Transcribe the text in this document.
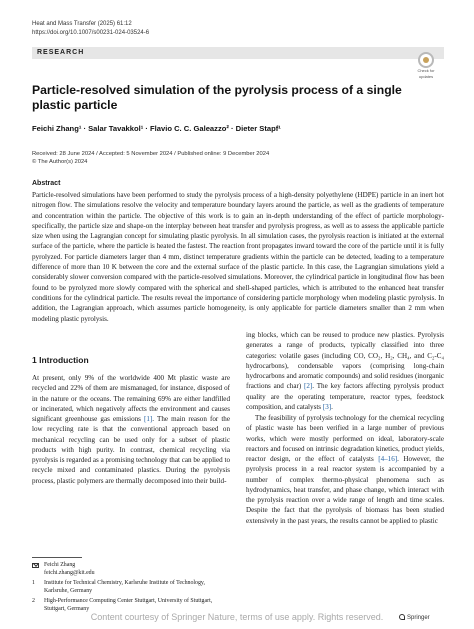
Heat and Mass Transfer (2025) 61:12
https://doi.org/10.1007/s00231-024-03524-6
RESEARCH
Check for
updates
Particle-resolved simulation of the pyrolysis process of a single plastic particle
Feichi Zhang¹ · Salar Tavakkol¹ · Flavio C. C. Galeazzo² · Dieter Stapf¹
Received: 28 June 2024 / Accepted: 5 November 2024 / Published online: 9 December 2024
© The Author(s) 2024
Abstract

Particle-resolved simulations have been performed to study the pyrolysis process of a high-density polyethylene (HDPE) particle in an inert hot nitrogen flow. The simulations resolve the velocity and temperature boundary layers around the particle, as well as the gradients of temperature and concentration within the particle. The objective of this work is to gain an in-depth understanding of the effect of particle morphology-specifically, the particle size and shape-on the interplay between heat transfer and pyrolysis progress, as well as to assess the applicable particle size when using the Lagrangian concept for simulating plastic pyrolysis. In all simulation cases, the pyrolysis reaction is initiated at the external surface of the particle, where the particle is heated the fastest. The reaction front propagates inward toward the core of the particle until it is fully pyrolyzed. For particle diameters larger than 4 mm, distinct temperature gradients within the particle can be detected, leading to a temperature difference of more than 10 K between the core and the external surface of the plastic particle. In this case, the Lagrangian simulations yield a considerably slower conversion compared with the particle-resolved simulations. Moreover, the cylindrical particle in longitudinal flow has been found to be pyrolyzed more slowly compared with the spherical and shell-shaped particles, which is attributed to the enhanced heat transfer conditions for the cylindrical particle. The results reveal the importance of considering particle morphology when modeling plastic pyrolysis. In addition, the Lagrangian approach, which assumes particle homogeneity, is only applicable for particle diameters smaller than 2 mm when modeling plastic pyrolysis.

1 Introduction

At present, only 9% of the worldwide 400 Mt plastic waste are recycled and 22% of them are mismanaged, for instance, disposed of in the nature or the oceans. The remaining 69% are either landfilled or incinerated, which negatively affects the environment and causes significant greenhouse gas emissions [1]. The main reason for the low recycling rate is that the conventional approach based on mechanical recycling can be used only for a subset of plastic products with high purity. In contrast, chemical recycling via pyrolysis is regarded as a promising technology that can be applied to recycle mixed and contaminated plastics. During the pyrolysis process, plastic polymers are thermally decomposed into their build-

ing blocks, which can be reused to produce new plastics. Pyrolysis generates a range of products, typically classified into three categories: volatile gases (including CO, CO₂, H₂, CH₄, and C₂-C₄ hydrocarbons), condensable vapors (comprising long-chain hydrocarbons and aromatic compounds) and solid residues (inorganic fractions and char) [2]. The key factors affecting pyrolysis product quality are the operating temperature, reactor types, feedstock composition, and catalysts [3].

The feasibility of pyrolysis technology for the chemical recycling of plastic waste has been verified in a large number of previous works, which were mostly performed on ideal, laboratory-scale reactors and focused on intrinsic degradation kinetics, product yields, reactor design, or the effect of catalysts [4–16]. However, the pyrolysis process in a real reactor system is accompanied by a number of complex thermo-physical phenomena such as hydrodynamics, heat transfer, and phase change, which interact with the pyrolysis reaction over a wide range of length and time scales. Despite the fact that the pyrolysis of biomass has been studied extensively in the past years, the results cannot be applied to plastic

Feichi Zhang
feichi.zhang@kit.edu
1	Institute for Technical Chemistry, Karlsruhe Institute of Technology, Karlsruhe, Germany
2	High-Performance Computing Center Stuttgart, University of Stuttgart, Stuttgart, Germany
Springer
Content courtesy of Springer Nature, terms of use apply. Rights reserved.
